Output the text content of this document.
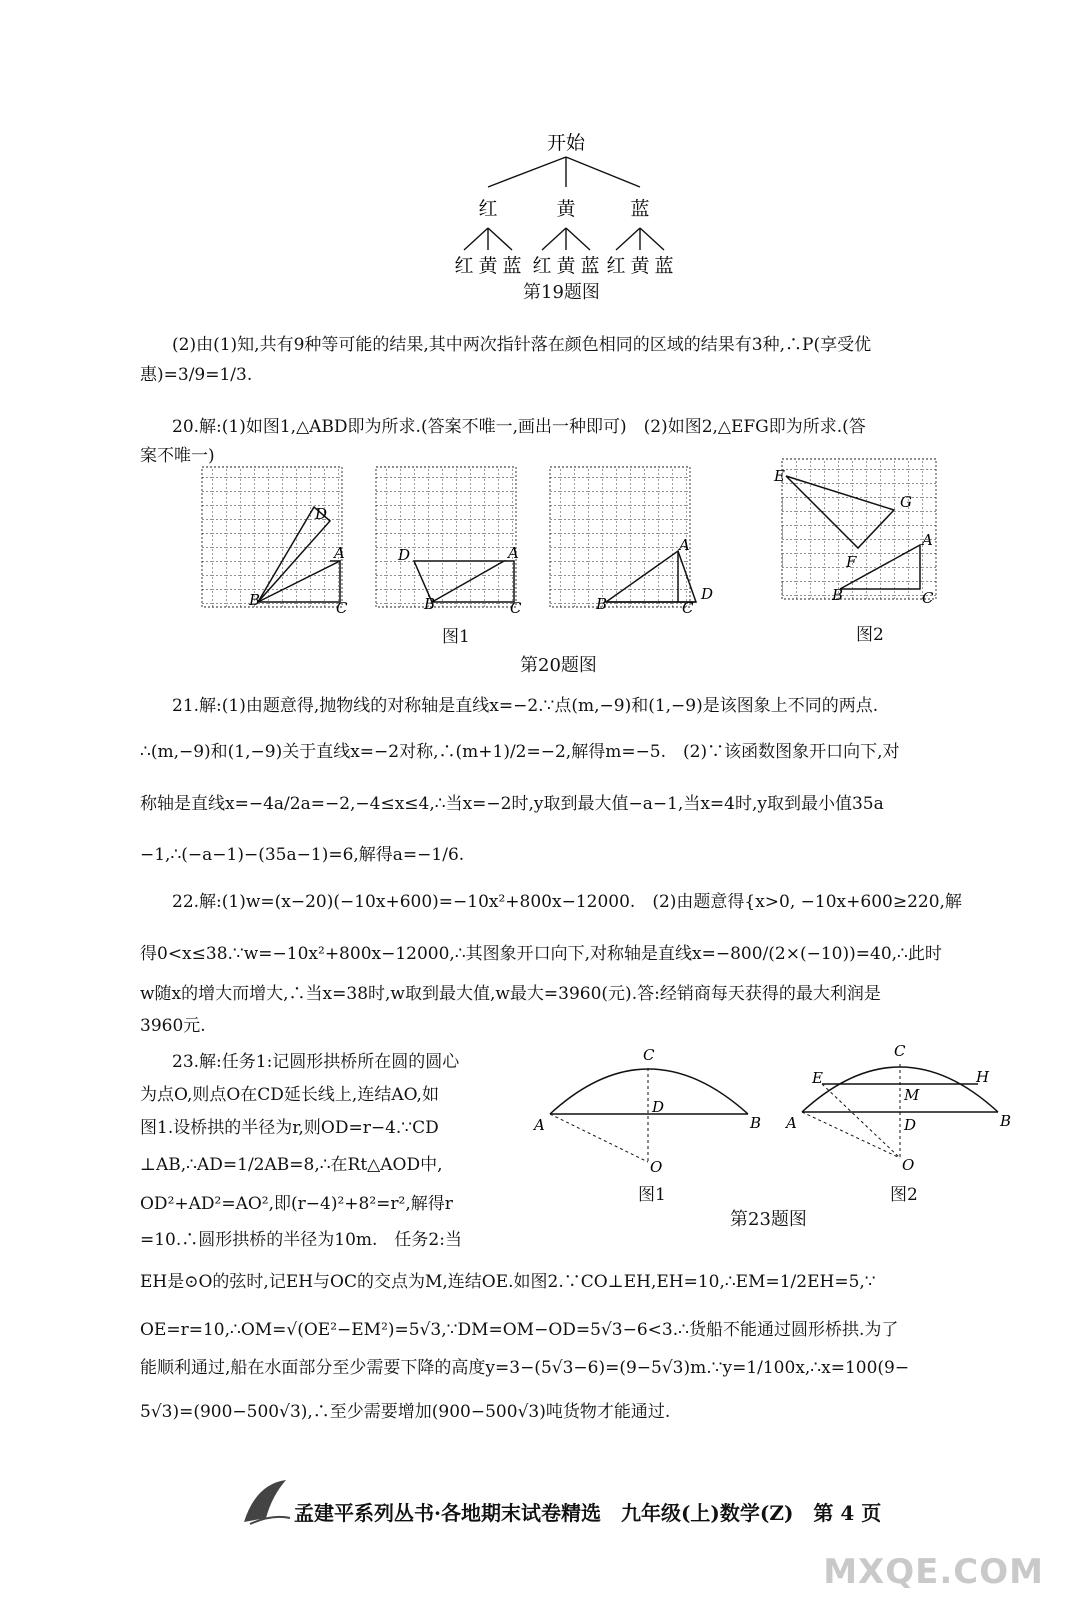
开始
红	黄	蓝
红 黄 蓝 红 黄 蓝 红 黄 蓝
第19题图
(2)由(1)知,共有9种等可能的结果,其中两次指针落在颜色相同的区域的结果有3种,∴P(享受优
惠)=3/9=1/3.
20.解:(1)如图1,△ABD即为所求.(答案不唯一,画出一种即可)　(2)如图2,△EFG即为所求.(答
案不唯一)
B	C
A
D
B	C
A
D
B	C
A
D
E
G
F
A
B	C
图1	图2
第20题图
21.解:(1)由题意得,抛物线的对称轴是直线x=−2.∵点(m,−9)和(1,−9)是该图象上不同的两点.
∴(m,−9)和(1,−9)关于直线x=−2对称,∴(m+1)/2=−2,解得m=−5.　(2)∵该函数图象开口向下,对
称轴是直线x=−4a/2a=−2,−4≤x≤4,∴当x=−2时,y取到最大值−a−1,当x=4时,y取到最小值35a
−1,∴(−a−1)−(35a−1)=6,解得a=−1/6.
22.解:(1)w=(x−20)(−10x+600)=−10x²+800x−12000.　(2)由题意得{x>0, −10x+600≥220,解
得0<x≤38.∵w=−10x²+800x−12000,∴其图象开口向下,对称轴是直线x=−800/(2×(−10))=40,∴此时
w随x的增大而增大,∴当x=38时,w取到最大值,w最大=3960(元).答:经销商每天获得的最大利润是
3960元.
23.解:任务1:记圆形拱桥所在圆的圆心
为点O,则点O在CD延长线上,连结AO,如
图1.设桥拱的半径为r,则OD=r−4.∵CD
⊥AB,∴AD=1/2AB=8,∴在Rt△AOD中,
OD²+AD²=AO²,即(r−4)²+8²=r²,解得r
=10.∴圆形拱桥的半径为10m.　任务2:当
EH是⊙O的弦时,记EH与OC的交点为M,连结OE.如图2.∵CO⊥EH,EH=10,∴EM=1/2EH=5,∵
OE=r=10,∴OM=√(OE²−EM²)=5√3,∵DM=OM−OD=5√3−6<3.∴货船不能通过圆形桥拱.为了
能顺利通过,船在水面部分至少需要下降的高度y=3−(5√3−6)=(9−5√3)m.∵y=1/100x,∴x=100(9−
5√3)=(900−500√3),∴至少需要增加(900−500√3)吨货物才能通过.
C
D
A	B
O
C
E	H
M
D
A	B
O
图1	图2
第23题图
孟建平系列丛书·各地期末试卷精选　九年级(上)数学(Z)　第 4 页
MXQE.COM
